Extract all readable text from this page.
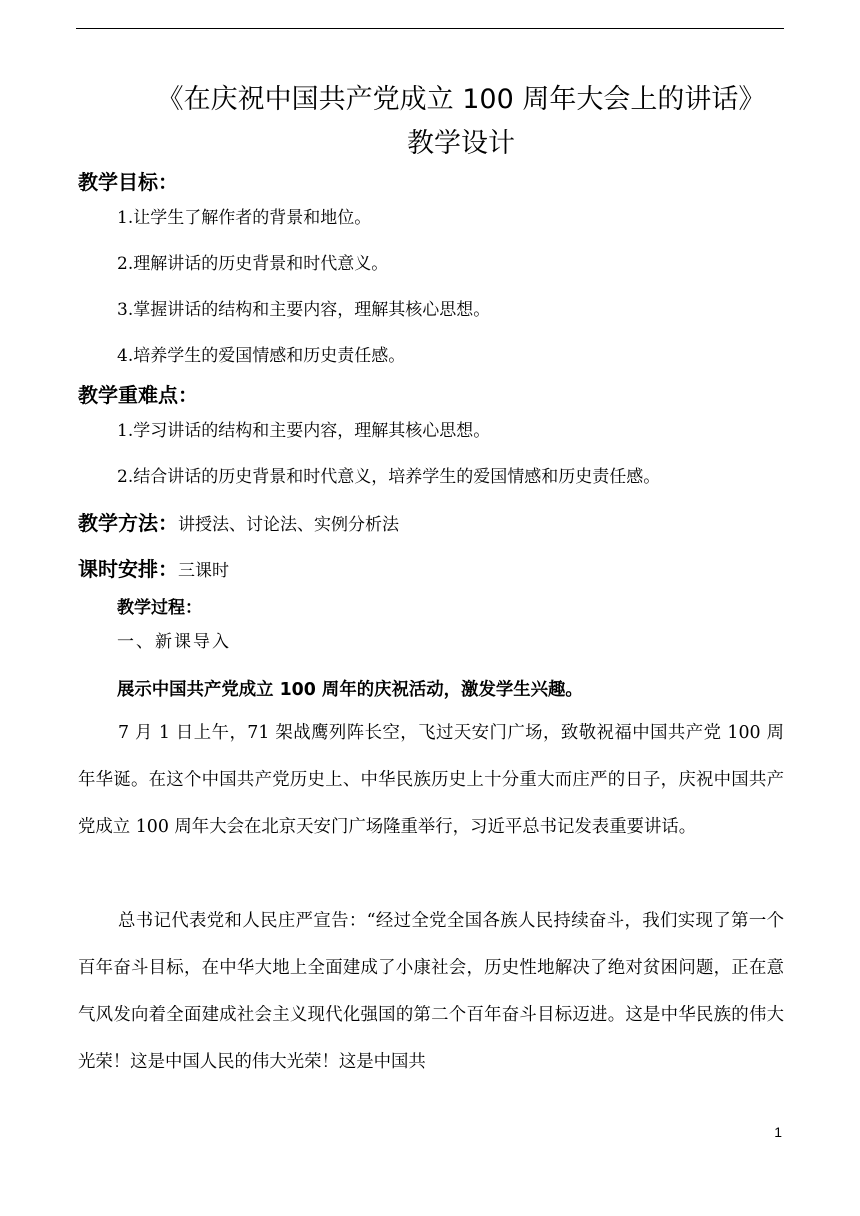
《在庆祝中国共产党成立 100 周年大会上的讲话》
教学设计
教学目标：
1.让学生了解作者的背景和地位。
2.理解讲话的历史背景和时代意义。
3.掌握讲话的结构和主要内容，理解其核心思想。
4.培养学生的爱国情感和历史责任感。
教学重难点：
1.学习讲话的结构和主要内容，理解其核心思想。
2.结合讲话的历史背景和时代意义，培养学生的爱国情感和历史责任感。
教学方法：讲授法、讨论法、实例分析法
课时安排：三课时
教学过程：
一、新课导入
展示中国共产党成立 100 周年的庆祝活动，激发学生兴趣。
7 月 1 日上午，71 架战鹰列阵长空，飞过天安门广场，致敬祝福中国共产党 100 周年华诞。在这个中国共产党历史上、中华民族历史上十分重大而庄严的日子，庆祝中国共产党成立 100 周年大会在北京天安门广场隆重举行，习近平总书记发表重要讲话。
总书记代表党和人民庄严宣告：“经过全党全国各族人民持续奋斗，我们实现了第一个百年奋斗目标，在中华大地上全面建成了小康社会，历史性地解决了绝对贫困问题，正在意气风发向着全面建成社会主义现代化强国的第二个百年奋斗目标迈进。这是中华民族的伟大光荣！这是中国人民的伟大光荣！这是中国共
1
